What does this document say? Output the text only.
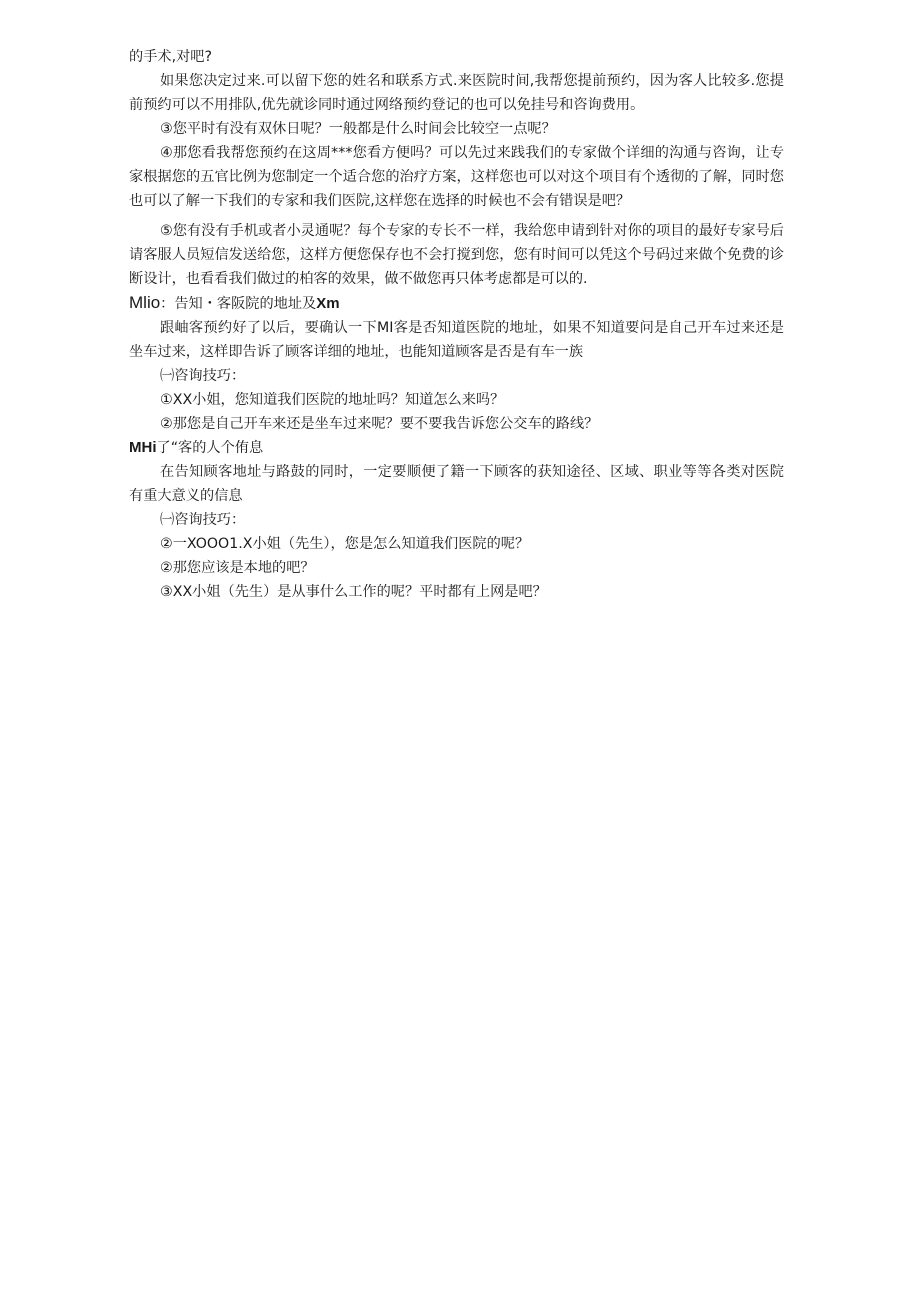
的手术,对吧?

如果您决定过来.可以留下您的姓名和联系方式.来医院时间,我帮您提前预约，因为客人比较多.您提前预约可以不用排队,优先就诊同时通过网络预约登记的也可以免挂号和咨询费用。

③您平时有没有双休日呢？一般都是什么时间会比较空一点呢？

④那您看我帮您预约在这周***您看方便吗？可以先过来践我们的专家做个详细的沟通与咨询，让专家根据您的五官比例为您制定一个适合您的治疗方案，这样您也可以对这个项目有个透彻的了解，同时您也可以了解一下我们的专家和我们医院,这样您在选择的时候也不会有错误是吧？

⑤您有没有手机或者小灵通呢？每个专家的专长不一样，我给您申请到针对你的项目的最好专家号后请客服人员短信发送给您，这样方便您保存也不会打搅到您，您有时间可以凭这个号码过来做个免费的诊断设计，也看看我们做过的柏客的效果，做不做您再只体考虑都是可以的.

Mlio：告知・客阪院的地址及Xm

跟岫客预约好了以后，要确认一下MI客是否知道医院的地址，如果不知道要问是自己开车过来还是坐车过来，这样即告诉了顾客详细的地址，也能知道顾客是否是有车一族

㈠咨询技巧：

①XX小姐，您知道我们医院的地址吗？知道怎么来吗？

②那您是自己开车来还是坐车过来呢？要不要我告诉您公交车的路线？

MHi了“客的人个侑息

在告知顾客地址与路鼓的同时，一定要顺便了籍一下顾客的获知途径、区域、职业等等各类对医院有重大意义的信息

㈠咨询技巧：

②一XOOO1.X小姐（先生），您是怎么知道我们医院的呢？

②那您应该是本地的吧？

③XX小姐（先生）是从事什么工作的呢？平时都有上网是吧？
